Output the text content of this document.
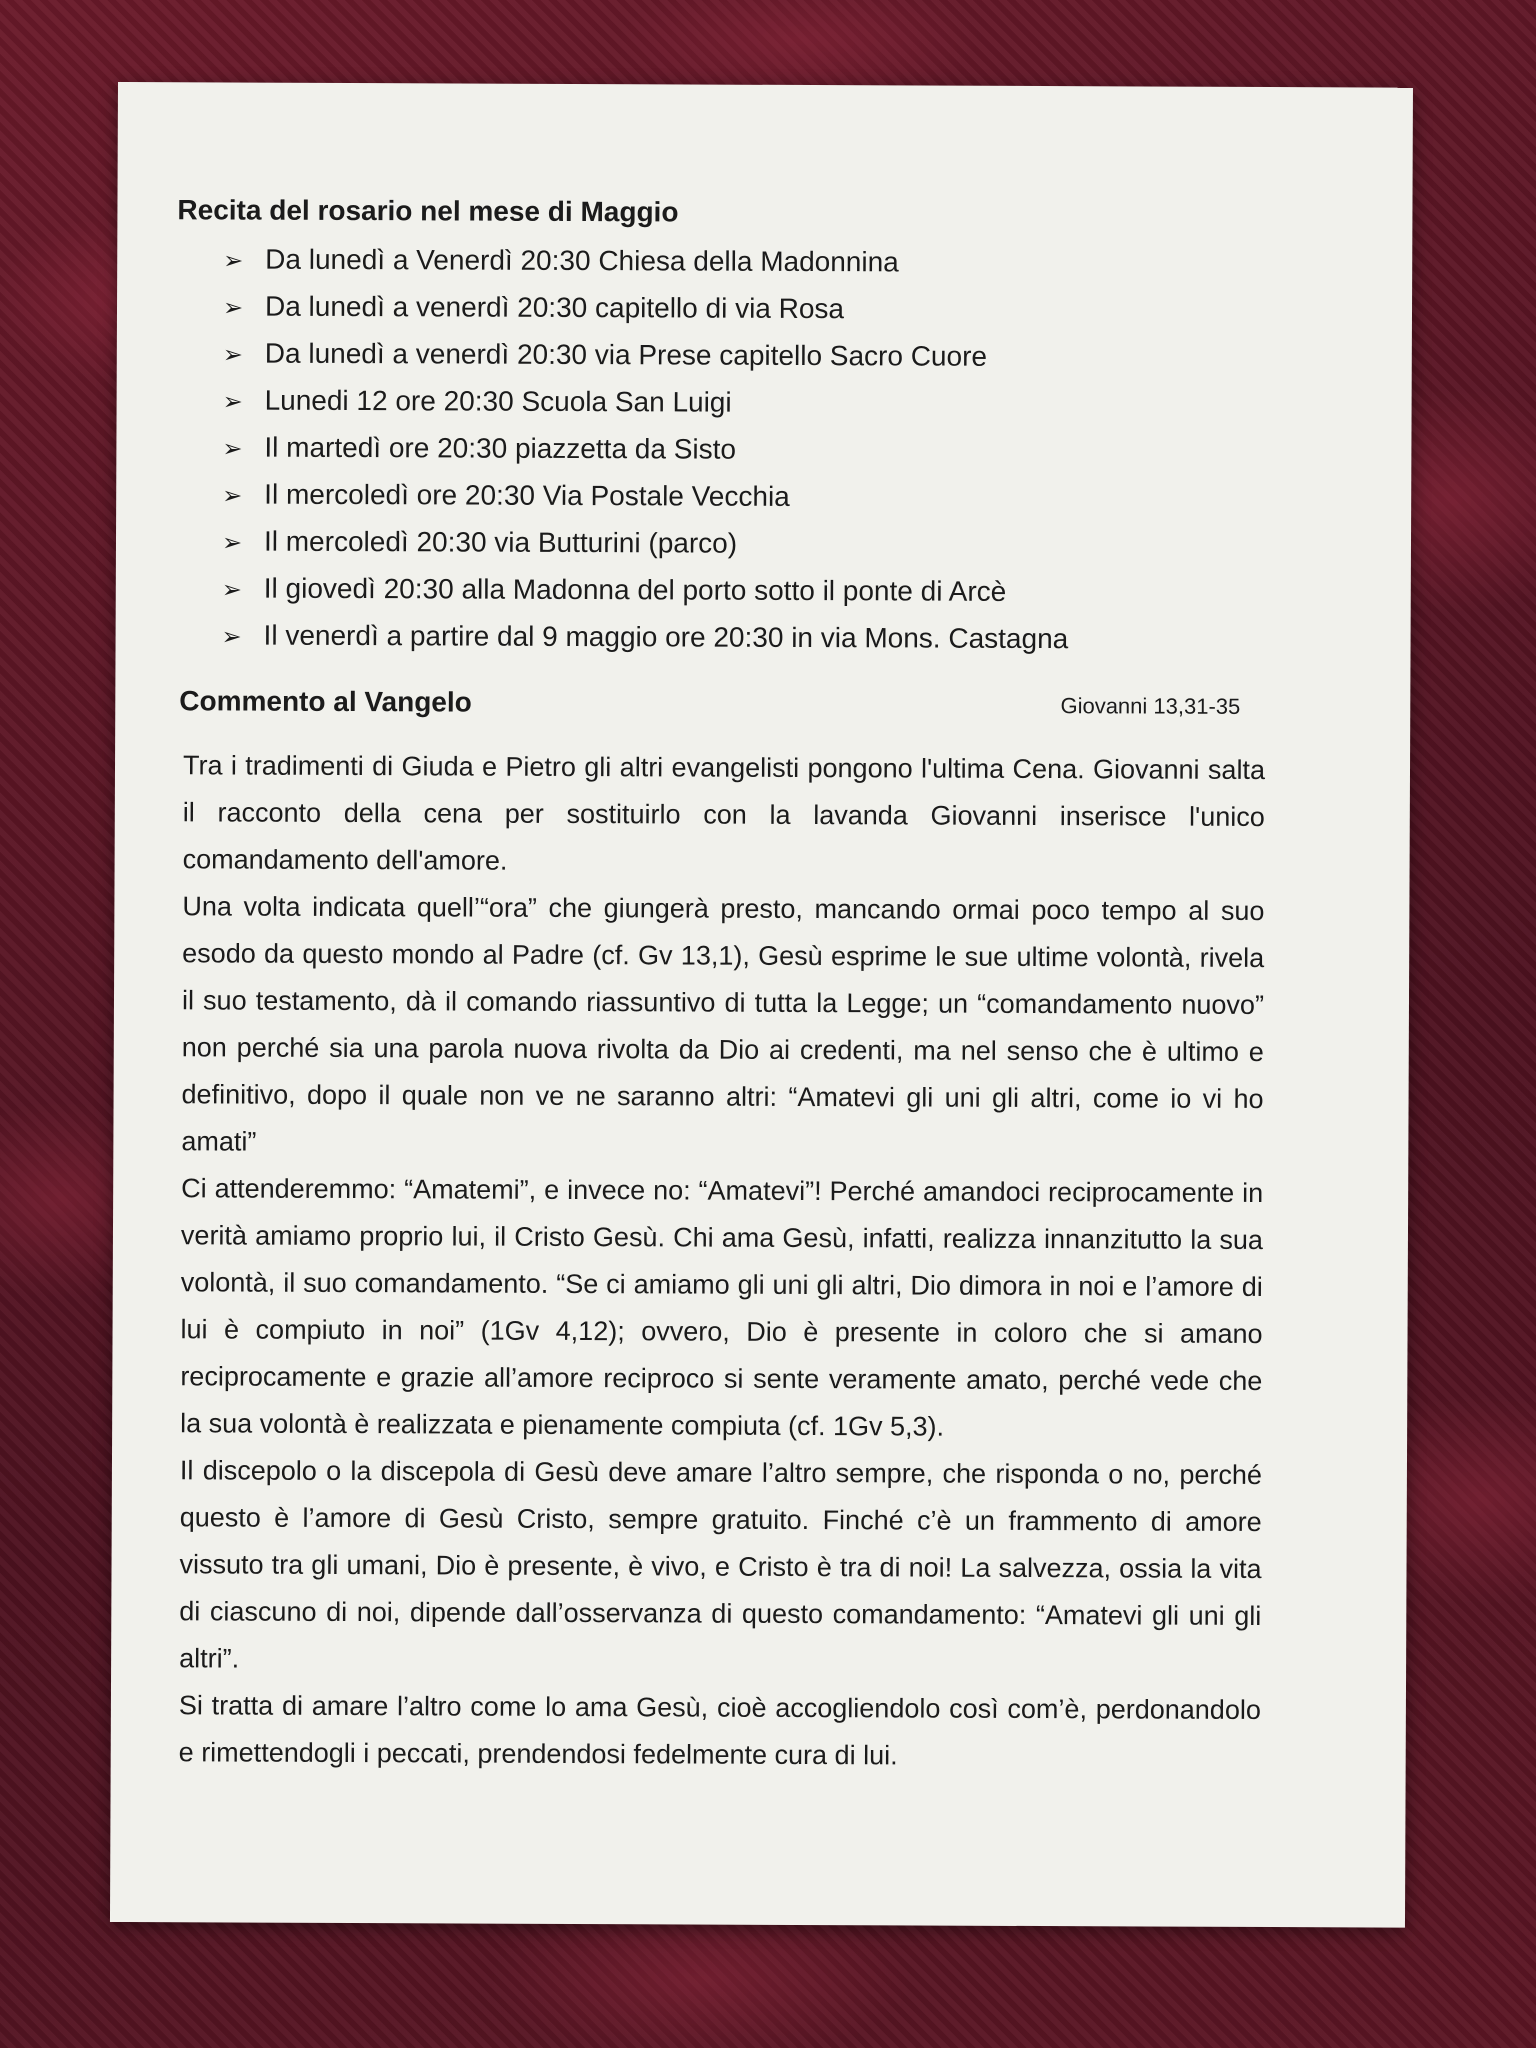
Recita del rosario nel mese di Maggio
➢ Da lunedì a Venerdì 20:30 Chiesa della Madonnina
➢ Da lunedì a venerdì 20:30 capitello di via Rosa
➢ Da lunedì a venerdì 20:30 via Prese capitello Sacro Cuore
➢ Lunedi 12 ore 20:30 Scuola San Luigi
➢ Il martedì ore 20:30 piazzetta da Sisto
➢ Il mercoledì ore 20:30 Via Postale Vecchia
➢ Il mercoledì 20:30 via Butturini (parco)
➢ Il giovedì 20:30 alla Madonna del porto sotto il ponte di Arcè
➢ Il venerdì a partire dal 9 maggio ore 20:30 in via Mons. Castagna
Commento al Vangelo	Giovanni 13,31-35

Tra i tradimenti di Giuda e Pietro gli altri evangelisti pongono l'ultima Cena. Giovanni salta il racconto della cena per sostituirlo con la lavanda Giovanni inserisce l'unico comandamento dell'amore.

Una volta indicata quell’“ora” che giungerà presto, mancando ormai poco tempo al suo esodo da questo mondo al Padre (cf. Gv 13,1), Gesù esprime le sue ultime volontà, rivela il suo testamento, dà il comando riassuntivo di tutta la Legge; un “comandamento nuovo” non perché sia una parola nuova rivolta da Dio ai credenti, ma nel senso che è ultimo e definitivo, dopo il quale non ve ne saranno altri: “Amatevi gli uni gli altri, come io vi ho amati”

Ci attenderemmo: “Amatemi”, e invece no: “Amatevi”! Perché amandoci reciprocamente in verità amiamo proprio lui, il Cristo Gesù. Chi ama Gesù, infatti, realizza innanzitutto la sua volontà, il suo comandamento. “Se ci amiamo gli uni gli altri, Dio dimora in noi e l’amore di lui è compiuto in noi” (1Gv 4,12); ovvero, Dio è presente in coloro che si amano reciprocamente e grazie all’amore reciproco si sente veramente amato, perché vede che la sua volontà è realizzata e pienamente compiuta (cf. 1Gv 5,3).

Il discepolo o la discepola di Gesù deve amare l’altro sempre, che risponda o no, perché questo è l’amore di Gesù Cristo, sempre gratuito. Finché c’è un frammento di amore vissuto tra gli umani, Dio è presente, è vivo, e Cristo è tra di noi! La salvezza, ossia la vita di ciascuno di noi, dipende dall’osservanza di questo comandamento: “Amatevi gli uni gli altri”.

Si tratta di amare l’altro come lo ama Gesù, cioè accogliendolo così com’è, perdonandolo e rimettendogli i peccati, prendendosi fedelmente cura di lui.
